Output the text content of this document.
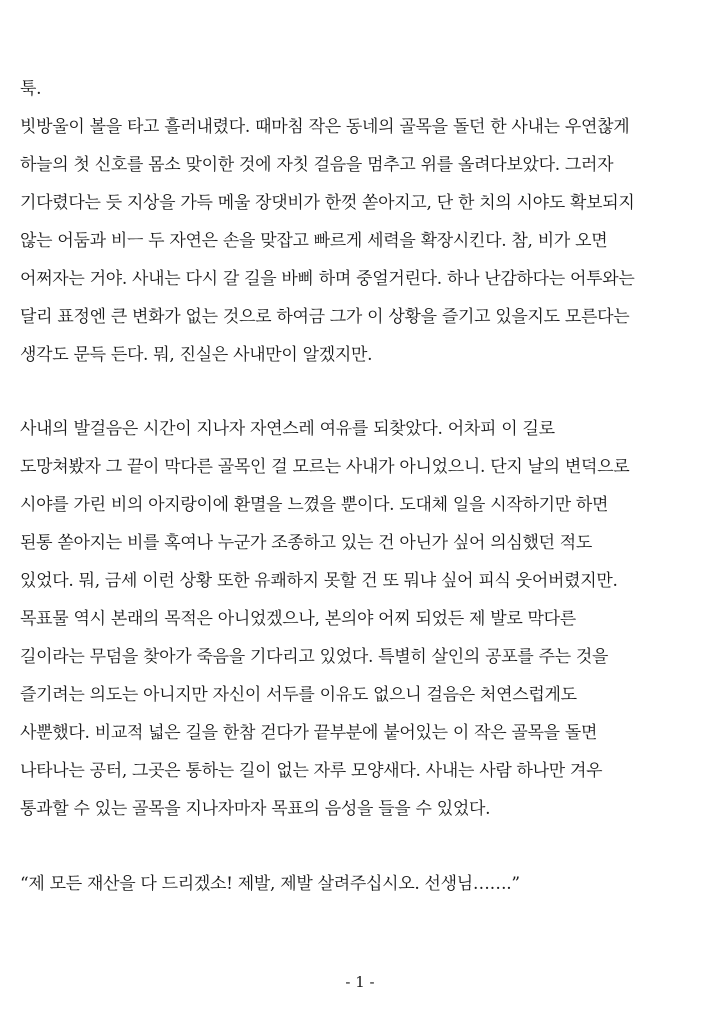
툭.
빗방울이 볼을 타고 흘러내렸다. 때마침 작은 동네의 골목을 돌던 한 사내는 우연찮게
하늘의 첫 신호를 몸소 맞이한 것에 자칫 걸음을 멈추고 위를 올려다보았다. 그러자
기다렸다는 듯 지상을 가득 메울 장댓비가 한껏 쏟아지고, 단 한 치의 시야도 확보되지
않는 어둠과 비ㅡ 두 자연은 손을 맞잡고 빠르게 세력을 확장시킨다. 참, 비가 오면
어쩌자는 거야. 사내는 다시 갈 길을 바삐 하며 중얼거린다. 하나 난감하다는 어투와는
달리 표정엔 큰 변화가 없는 것으로 하여금 그가 이 상황을 즐기고 있을지도 모른다는
생각도 문득 든다. 뭐, 진실은 사내만이 알겠지만.
사내의 발걸음은 시간이 지나자 자연스레 여유를 되찾았다. 어차피 이 길로
도망쳐봤자 그 끝이 막다른 골목인 걸 모르는 사내가 아니었으니. 단지 날의 변덕으로
시야를 가린 비의 아지랑이에 환멸을 느꼈을 뿐이다. 도대체 일을 시작하기만 하면
된통 쏟아지는 비를 혹여나 누군가 조종하고 있는 건 아닌가 싶어 의심했던 적도
있었다. 뭐, 금세 이런 상황 또한 유쾌하지 못할 건 또 뭐냐 싶어 피식 웃어버렸지만.
목표물 역시 본래의 목적은 아니었겠으나, 본의야 어찌 되었든 제 발로 막다른
길이라는 무덤을 찾아가 죽음을 기다리고 있었다. 특별히 살인의 공포를 주는 것을
즐기려는 의도는 아니지만 자신이 서두를 이유도 없으니 걸음은 처연스럽게도
사뿐했다. 비교적 넓은 길을 한참 걷다가 끝부분에 붙어있는 이 작은 골목을 돌면
나타나는 공터, 그곳은 통하는 길이 없는 자루 모양새다. 사내는 사람 하나만 겨우
통과할 수 있는 골목을 지나자마자 목표의 음성을 들을 수 있었다.
“제 모든 재산을 다 드리겠소! 제발, 제발 살려주십시오. 선생님…….”
- 1 -
